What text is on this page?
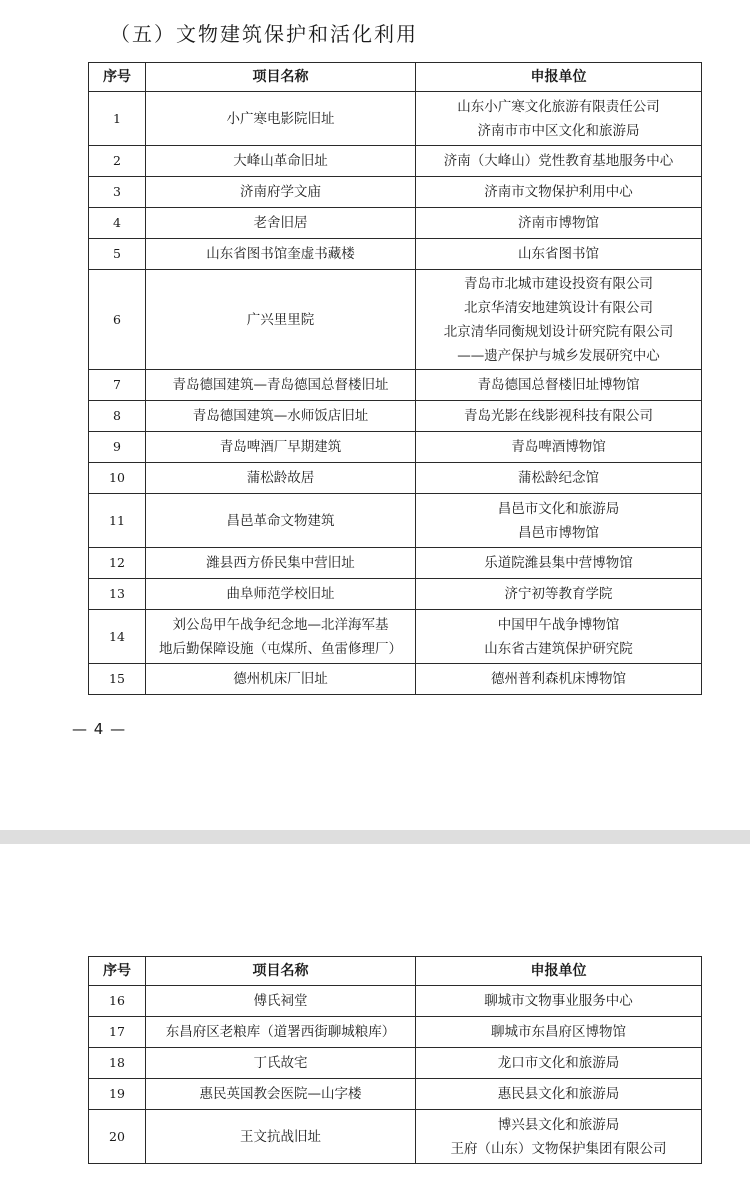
（五）文物建筑保护和活化利用
序号	项目名称	申报单位
1	小广寒电影院旧址	山东小广寒文化旅游有限责任公司
济南市市中区文化和旅游局

2	大峰山革命旧址	济南（大峰山）党性教育基地服务中心

3	济南府学文庙	济南市文物保护利用中心

4	老舍旧居	济南市博物馆

5	山东省图书馆奎虚书藏楼	山东省图书馆

6	广兴里里院	青岛市北城市建设投资有限公司
北京华清安地建筑设计有限公司
北京清华同衡规划设计研究院有限公司
——遗产保护与城乡发展研究中心

7	青岛德国建筑—青岛德国总督楼旧址	青岛德国总督楼旧址博物馆

8	青岛德国建筑—水师饭店旧址	青岛光影在线影视科技有限公司

9	青岛啤酒厂早期建筑	青岛啤酒博物馆

10	蒲松龄故居	蒲松龄纪念馆

11	昌邑革命文物建筑	昌邑市文化和旅游局
昌邑市博物馆

12	潍县西方侨民集中营旧址	乐道院潍县集中营博物馆

13	曲阜师范学校旧址	济宁初等教育学院

14	刘公岛甲午战争纪念地—北洋海军基
地后勤保障设施（屯煤所、鱼雷修理厂）	中国甲午战争博物馆
山东省古建筑保护研究院

15	德州机床厂旧址	德州普利森机床博物馆
— 4 —
序号	项目名称	申报单位
16	傅氏祠堂	聊城市文物事业服务中心

17	东昌府区老粮库（道署西街聊城粮库）	聊城市东昌府区博物馆

18	丁氏故宅	龙口市文化和旅游局

19	惠民英国教会医院—山字楼	惠民县文化和旅游局

20	王文抗战旧址	博兴县文化和旅游局
王府（山东）文物保护集团有限公司
